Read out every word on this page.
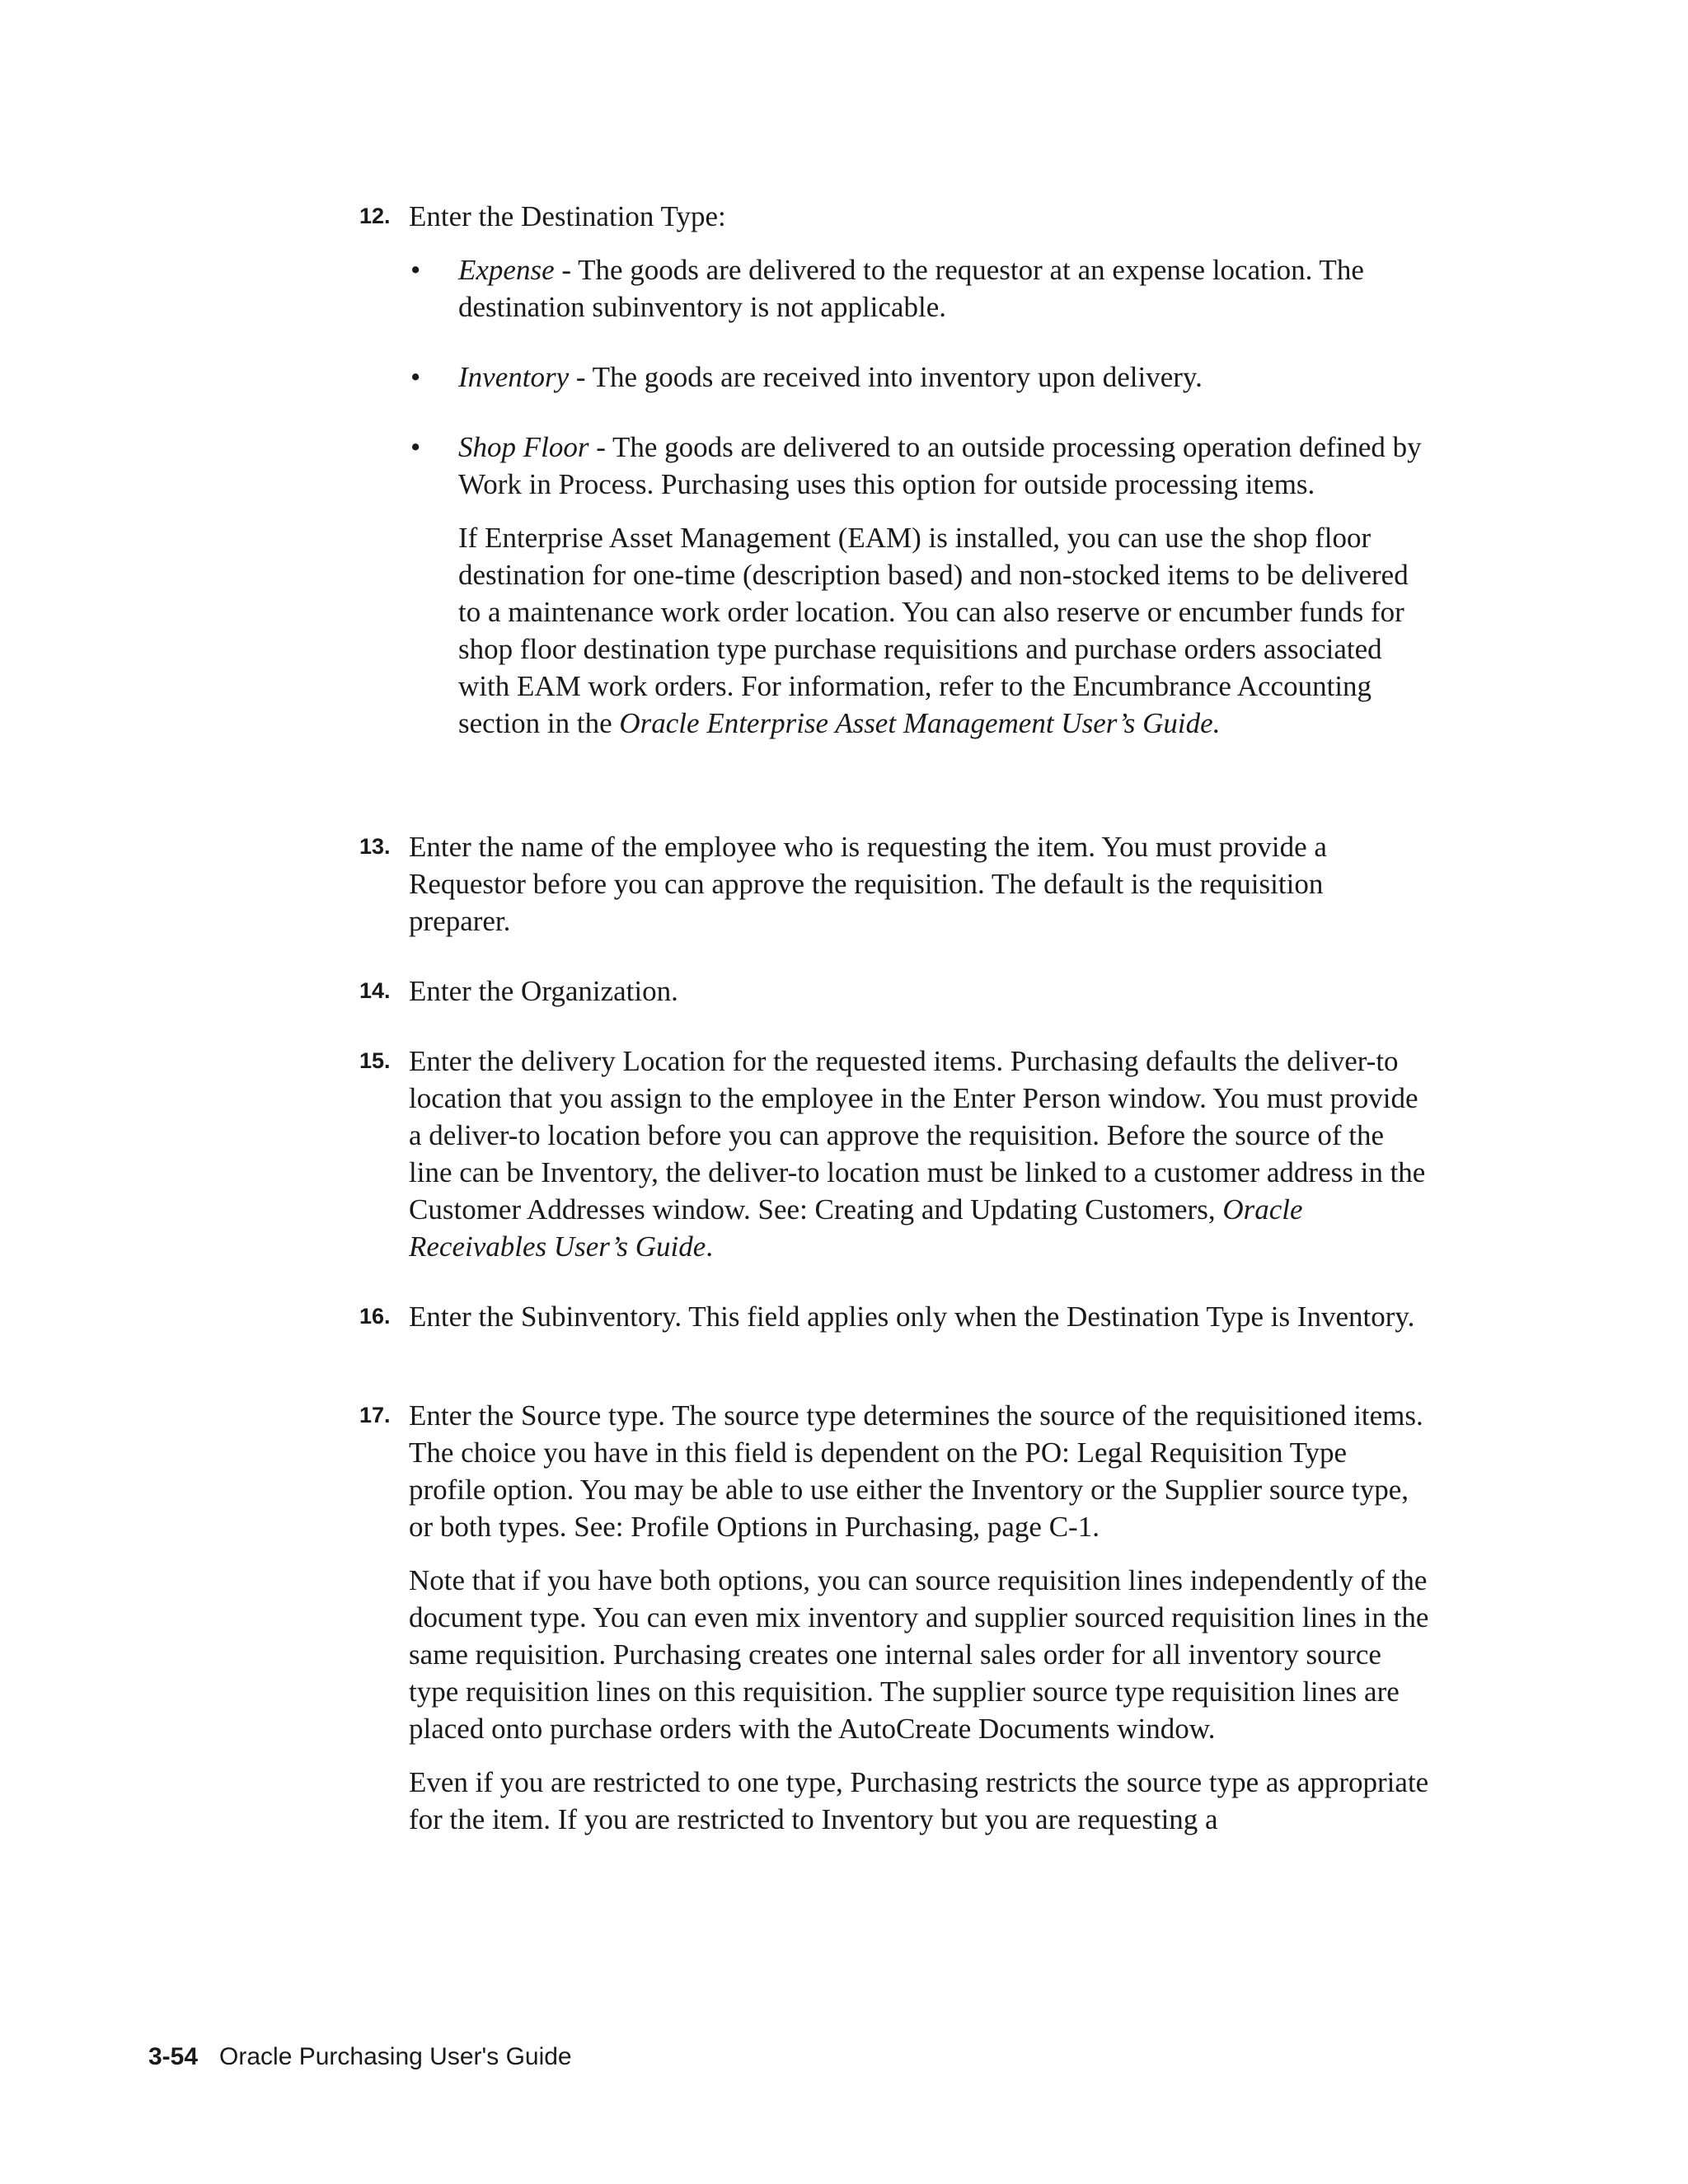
12. Enter the Destination Type:

• Expense - The goods are delivered to the requestor at an expense location. The destination subinventory is not applicable.

• Inventory - The goods are received into inventory upon delivery.

• Shop Floor - The goods are delivered to an outside processing operation defined by Work in Process. Purchasing uses this option for outside processing items.

If Enterprise Asset Management (EAM) is installed, you can use the shop floor destination for one-time (description based) and non-stocked items to be delivered to a maintenance work order location. You can also reserve or encumber funds for shop floor destination type purchase requisitions and purchase orders associated with EAM work orders. For information, refer to the Encumbrance Accounting section in the Oracle Enterprise Asset Management User’s Guide.

13. Enter the name of the employee who is requesting the item. You must provide a Requestor before you can approve the requisition. The default is the requisition preparer.

14. Enter the Organization.

15. Enter the delivery Location for the requested items. Purchasing defaults the deliver-to location that you assign to the employee in the Enter Person window. You must provide a deliver-to location before you can approve the requisition. Before the source of the line can be Inventory, the deliver-to location must be linked to a customer address in the Customer Addresses window. See: Creating and Updating Customers, Oracle Receivables User’s Guide.

16. Enter the Subinventory. This field applies only when the Destination Type is Inventory.

17. Enter the Source type. The source type determines the source of the requisitioned items. The choice you have in this field is dependent on the PO: Legal Requisition Type profile option. You may be able to use either the Inventory or the Supplier source type, or both types. See: Profile Options in Purchasing, page C-1.

Note that if you have both options, you can source requisition lines independently of the document type. You can even mix inventory and supplier sourced requisition lines in the same requisition. Purchasing creates one internal sales order for all inventory source type requisition lines on this requisition. The supplier source type requisition lines are placed onto purchase orders with the AutoCreate Documents window.

Even if you are restricted to one type, Purchasing restricts the source type as appropriate for the item. If you are restricted to Inventory but you are requesting a

3-54 Oracle Purchasing User's Guide
